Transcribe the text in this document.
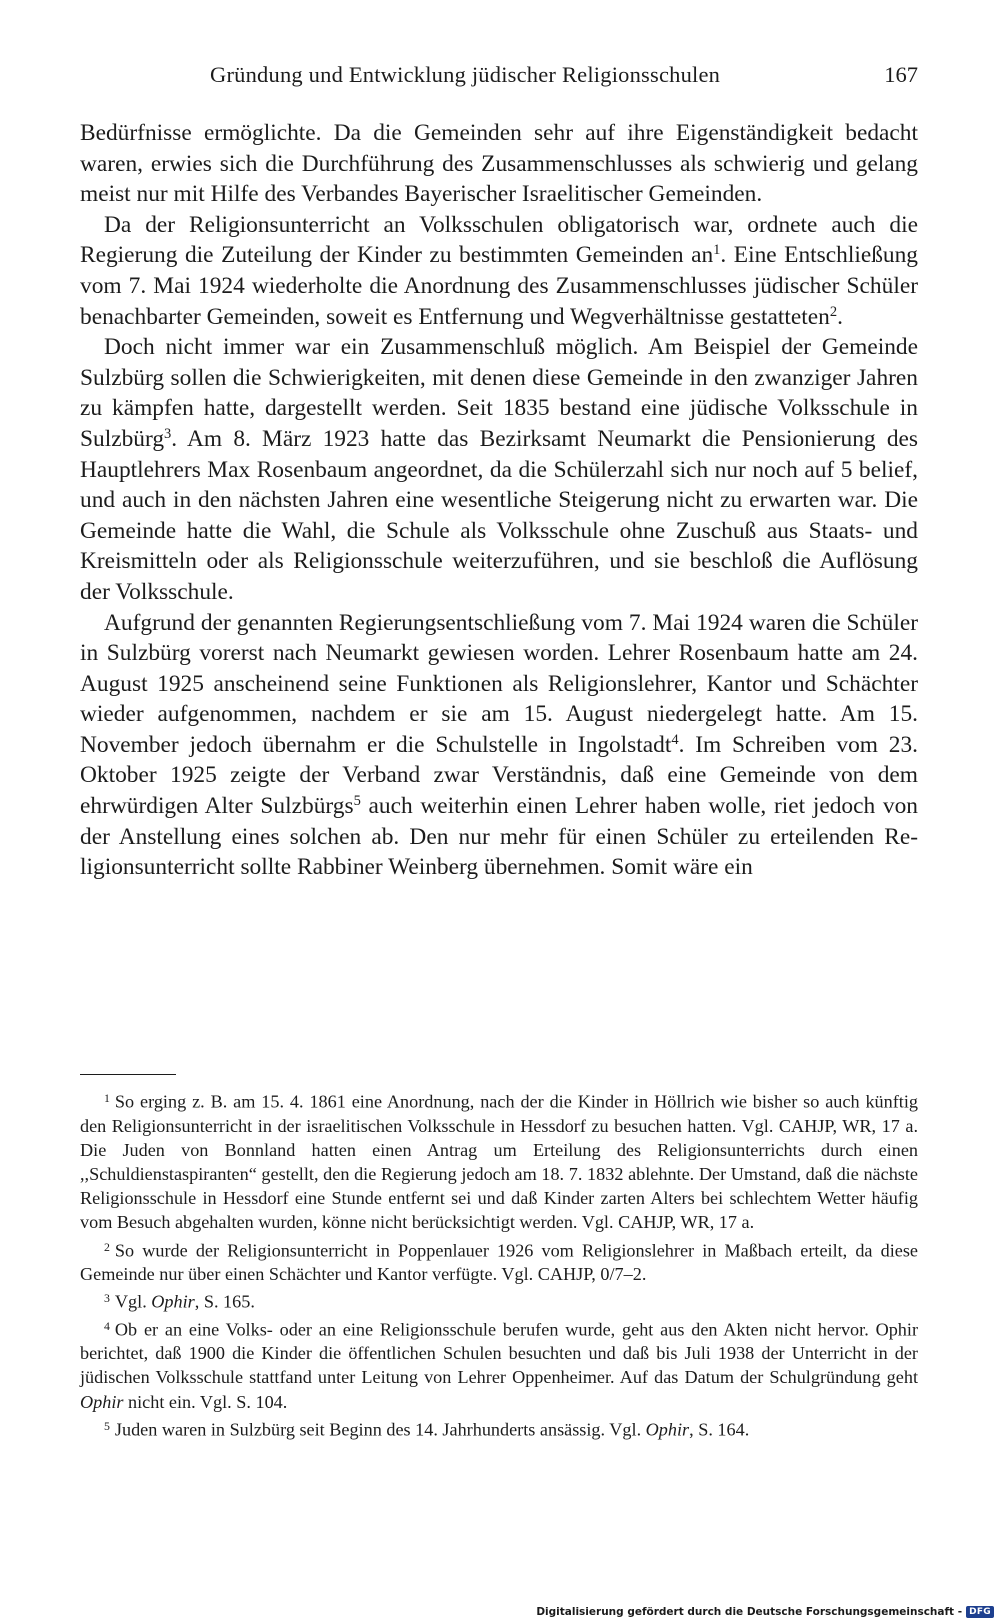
Gründung und Entwicklung jüdischer Religionsschulen	167

Bedürfnisse ermöglichte. Da die Gemeinden sehr auf ihre Eigenständigkeit bedacht waren, erwies sich die Durchführung des Zusammenschlusses als schwierig und gelang meist nur mit Hilfe des Verbandes Bayerischer Israelitischer Gemeinden.

Da der Religionsunterricht an Volksschulen obligatorisch war, ordnete auch die Regierung die Zuteilung der Kinder zu bestimmten Gemeinden $an^1$. Eine Entschließung vom 7. Mai 1924 wiederholte die Anordnung des Zusammenschlusses jüdischer Schüler benachbarter Gemeinden, soweit es Entfernung und Wegverhältnisse gestatteten$^2$.

Doch nicht immer war ein Zusammenschluß möglich. Am Beispiel der Gemeinde Sulzbürg sollen die Schwierigkeiten, mit denen diese Gemeinde in den zwanziger Jahren zu kämpfen hatte, dargestellt werden. Seit 1835 bestand eine jüdische Volksschule in Sulzbürg$^3$. Am 8. März 1923 hatte das Bezirksamt Neumarkt die Pensionierung des Hauptlehrers Max Rosenbaum angeordnet, da die Schülerzahl sich nur noch auf 5 belief, und auch in den nächsten Jahren eine wesentliche Steigerung nicht zu erwarten war. Die Gemeinde hatte die Wahl, die Schule als Volksschule ohne Zuschuß aus Staats- und Kreismitteln oder als Religionsschule weiterzuführen, und sie beschloß die Auflösung der Volksschule.

Aufgrund der genannten Regierungsentschließung vom 7. Mai 1924 waren die Schüler in Sulzbürg vorerst nach Neumarkt gewiesen worden. Lehrer Rosenbaum hatte am 24. August 1925 anscheinend seine Funktionen als Religionslehrer, Kantor und Schächter wieder aufgenommen, nachdem er sie am 15. August niedergelegt hatte. Am 15. November jedoch übernahm er die Schulstelle in Ingolstadt$^4$. Im Schreiben vom 23. Oktober 1925 zeigte der Verband zwar Verständnis, daß eine Gemeinde von dem ehrwürdigen Alter Sulzbürgs$^5$ auch weiterhin einen Lehrer haben wolle, riet jedoch von der Anstellung eines solchen ab. Den nur mehr für einen Schüler zu erteilenden Religionsunterricht sollte Rabbiner Weinberg übernehmen. Somit wäre ein

$^1$ So erging z. B. am 15. 4. 1861 eine Anordnung, nach der die Kinder in Höllrich wie bisher so auch künftig den Religionsunterricht in der israelitischen Volksschule in Hessdorf zu besuchen hatten. Vgl. CAHJP, WR, 17 a. Die Juden von Bonnland hatten einen Antrag um Erteilung des Religionsunterrichts durch einen ,,Schuldienstaspiranten“ gestellt, den die Regierung jedoch am 18. 7. 1832 ablehnte. Der Umstand, daß die nächste Religionsschule in Hessdorf eine Stunde entfernt sei und daß Kinder zarten Alters bei schlechtem Wetter häufig vom Besuch abgehalten wurden, könne nicht berücksichtigt werden. Vgl. CAHJP, WR, 17 a.

$^2$ So wurde der Religionsunterricht in Poppenlauer 1926 vom Religionslehrer in Maßbach erteilt, da diese Gemeinde nur über einen Schächter und Kantor verfügte. Vgl. CAHJP, 0/7–2.

$^3$ Vgl. Ophir, S. 165.

$^4$ Ob er an eine Volks- oder an eine Religionsschule berufen wurde, geht aus den Akten nicht hervor. Ophir berichtet, daß 1900 die Kinder die öffentlichen Schulen besuchten und daß bis Juli 1938 der Unterricht in der jüdischen Volksschule stattfand unter Leitung von Lehrer Oppenheimer. Auf das Datum der Schulgründung geht Ophir nicht ein. Vgl. S. 104.

$^5$ Juden waren in Sulzbürg seit Beginn des 14. Jahrhunderts ansässig. Vgl. Ophir, S. 164.

Digitalisierung gefördert durch die Deutsche Forschungsgemeinschaft - DFG
